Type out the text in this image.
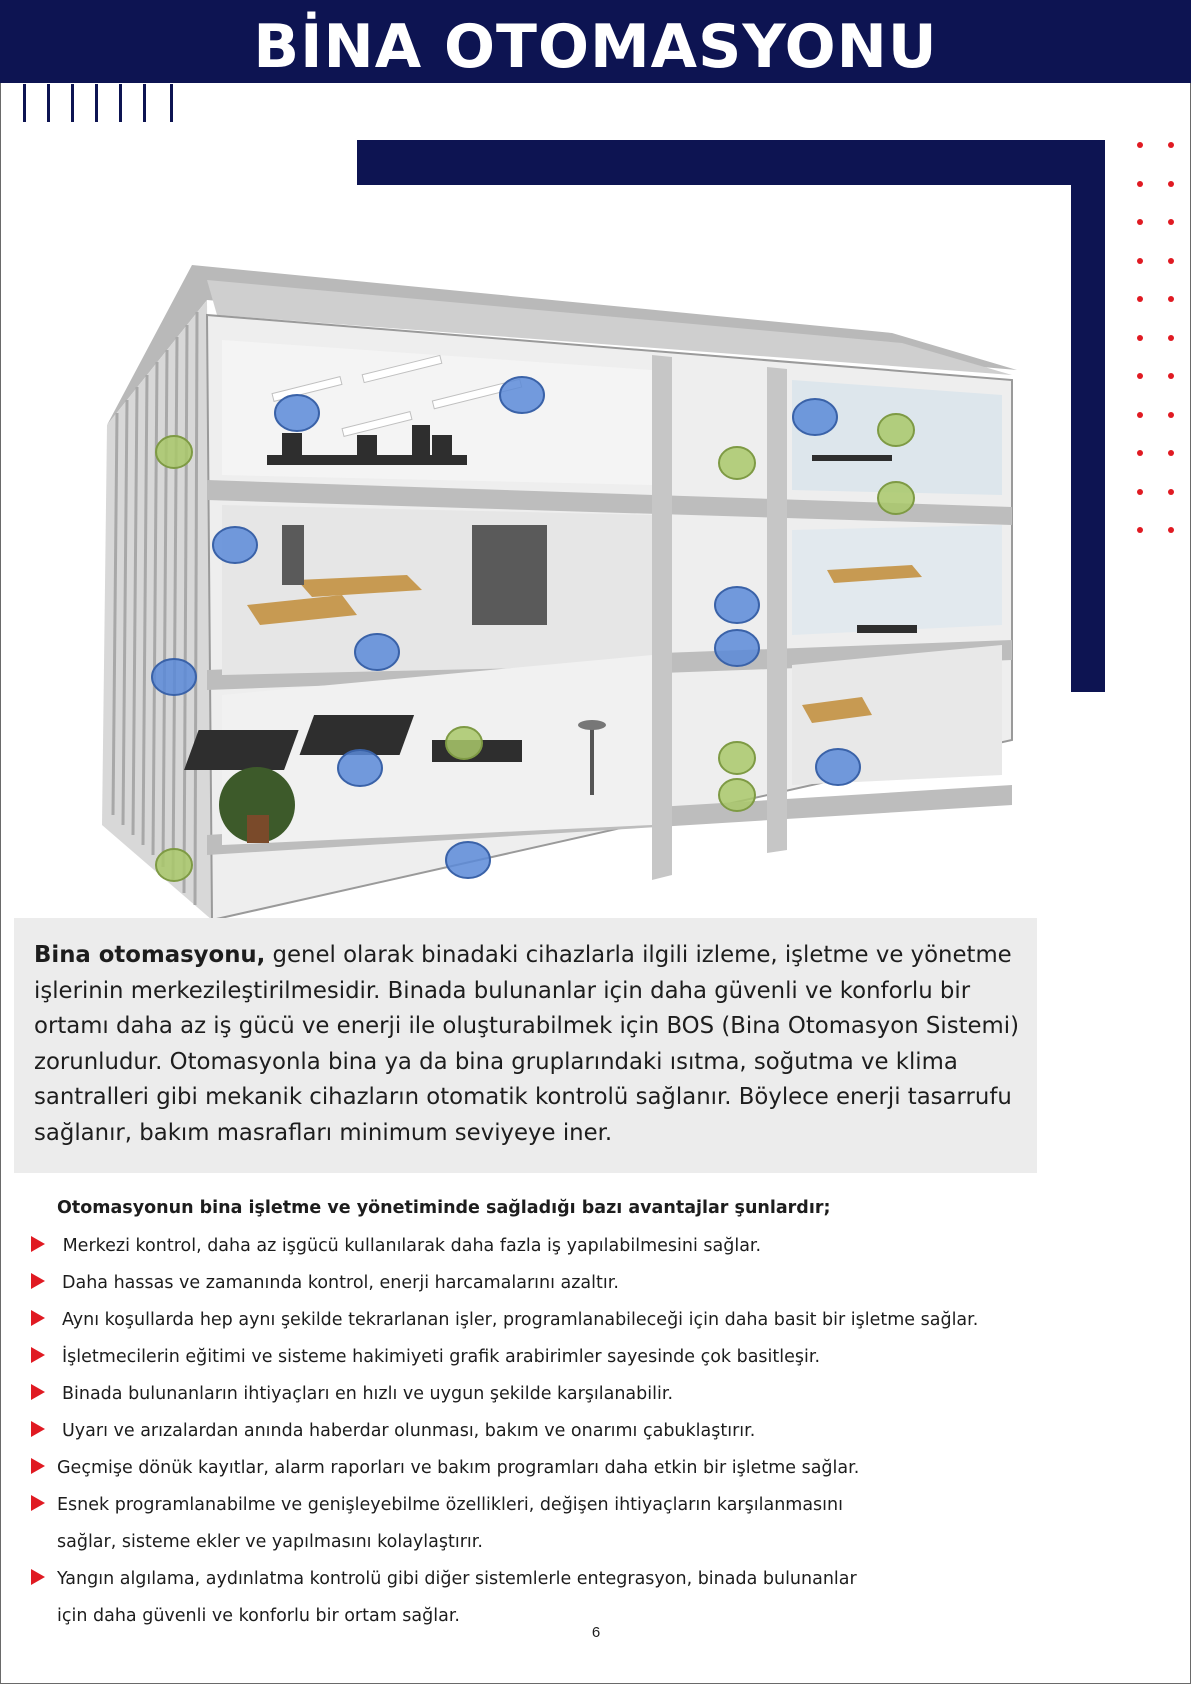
BİNA OTOMASYONU
Bina otomasyonu, genel olarak binadaki cihazlarla ilgili izleme, işletme ve yönetme işlerinin merkezileştirilmesidir. Binada bulunanlar için daha güvenli ve konforlu bir ortamı daha az iş gücü ve enerji ile oluşturabilmek için BOS (Bina Otomasyon Sistemi) zorunludur. Otomasyonla bina ya da bina gruplarındaki ısıtma, soğutma ve klima santralleri gibi mekanik cihazların otomatik kontrolü sağlanır. Böylece enerji tasarrufu sağlanır, bakım masrafları minimum seviyeye iner.
Otomasyonun bina işletme ve yönetiminde sağladığı bazı avantajlar şunlardır;
Merkezi kontrol, daha az işgücü kullanılarak daha fazla iş yapılabilmesini sağlar.
Daha hassas ve zamanında kontrol, enerji harcamalarını azaltır.
Aynı koşullarda hep aynı şekilde tekrarlanan işler, programlanabileceği için daha basit bir işletme sağlar.
İşletmecilerin eğitimi ve sisteme hakimiyeti grafik arabirimler sayesinde çok basitleşir.
Binada bulunanların ihtiyaçları en hızlı ve uygun şekilde karşılanabilir.
Uyarı ve arızalardan anında haberdar olunması, bakım ve onarımı çabuklaştırır.
Geçmişe dönük kayıtlar, alarm raporları ve bakım programları daha etkin bir işletme sağlar.
Esnek programlanabilme ve genişleyebilme özellikleri, değişen ihtiyaçların karşılanmasını
sağlar, sisteme ekler ve yapılmasını kolaylaştırır.
Yangın algılama, aydınlatma kontrolü gibi diğer sistemlerle entegrasyon, binada bulunanlar
için daha güvenli ve konforlu bir ortam sağlar.
6
